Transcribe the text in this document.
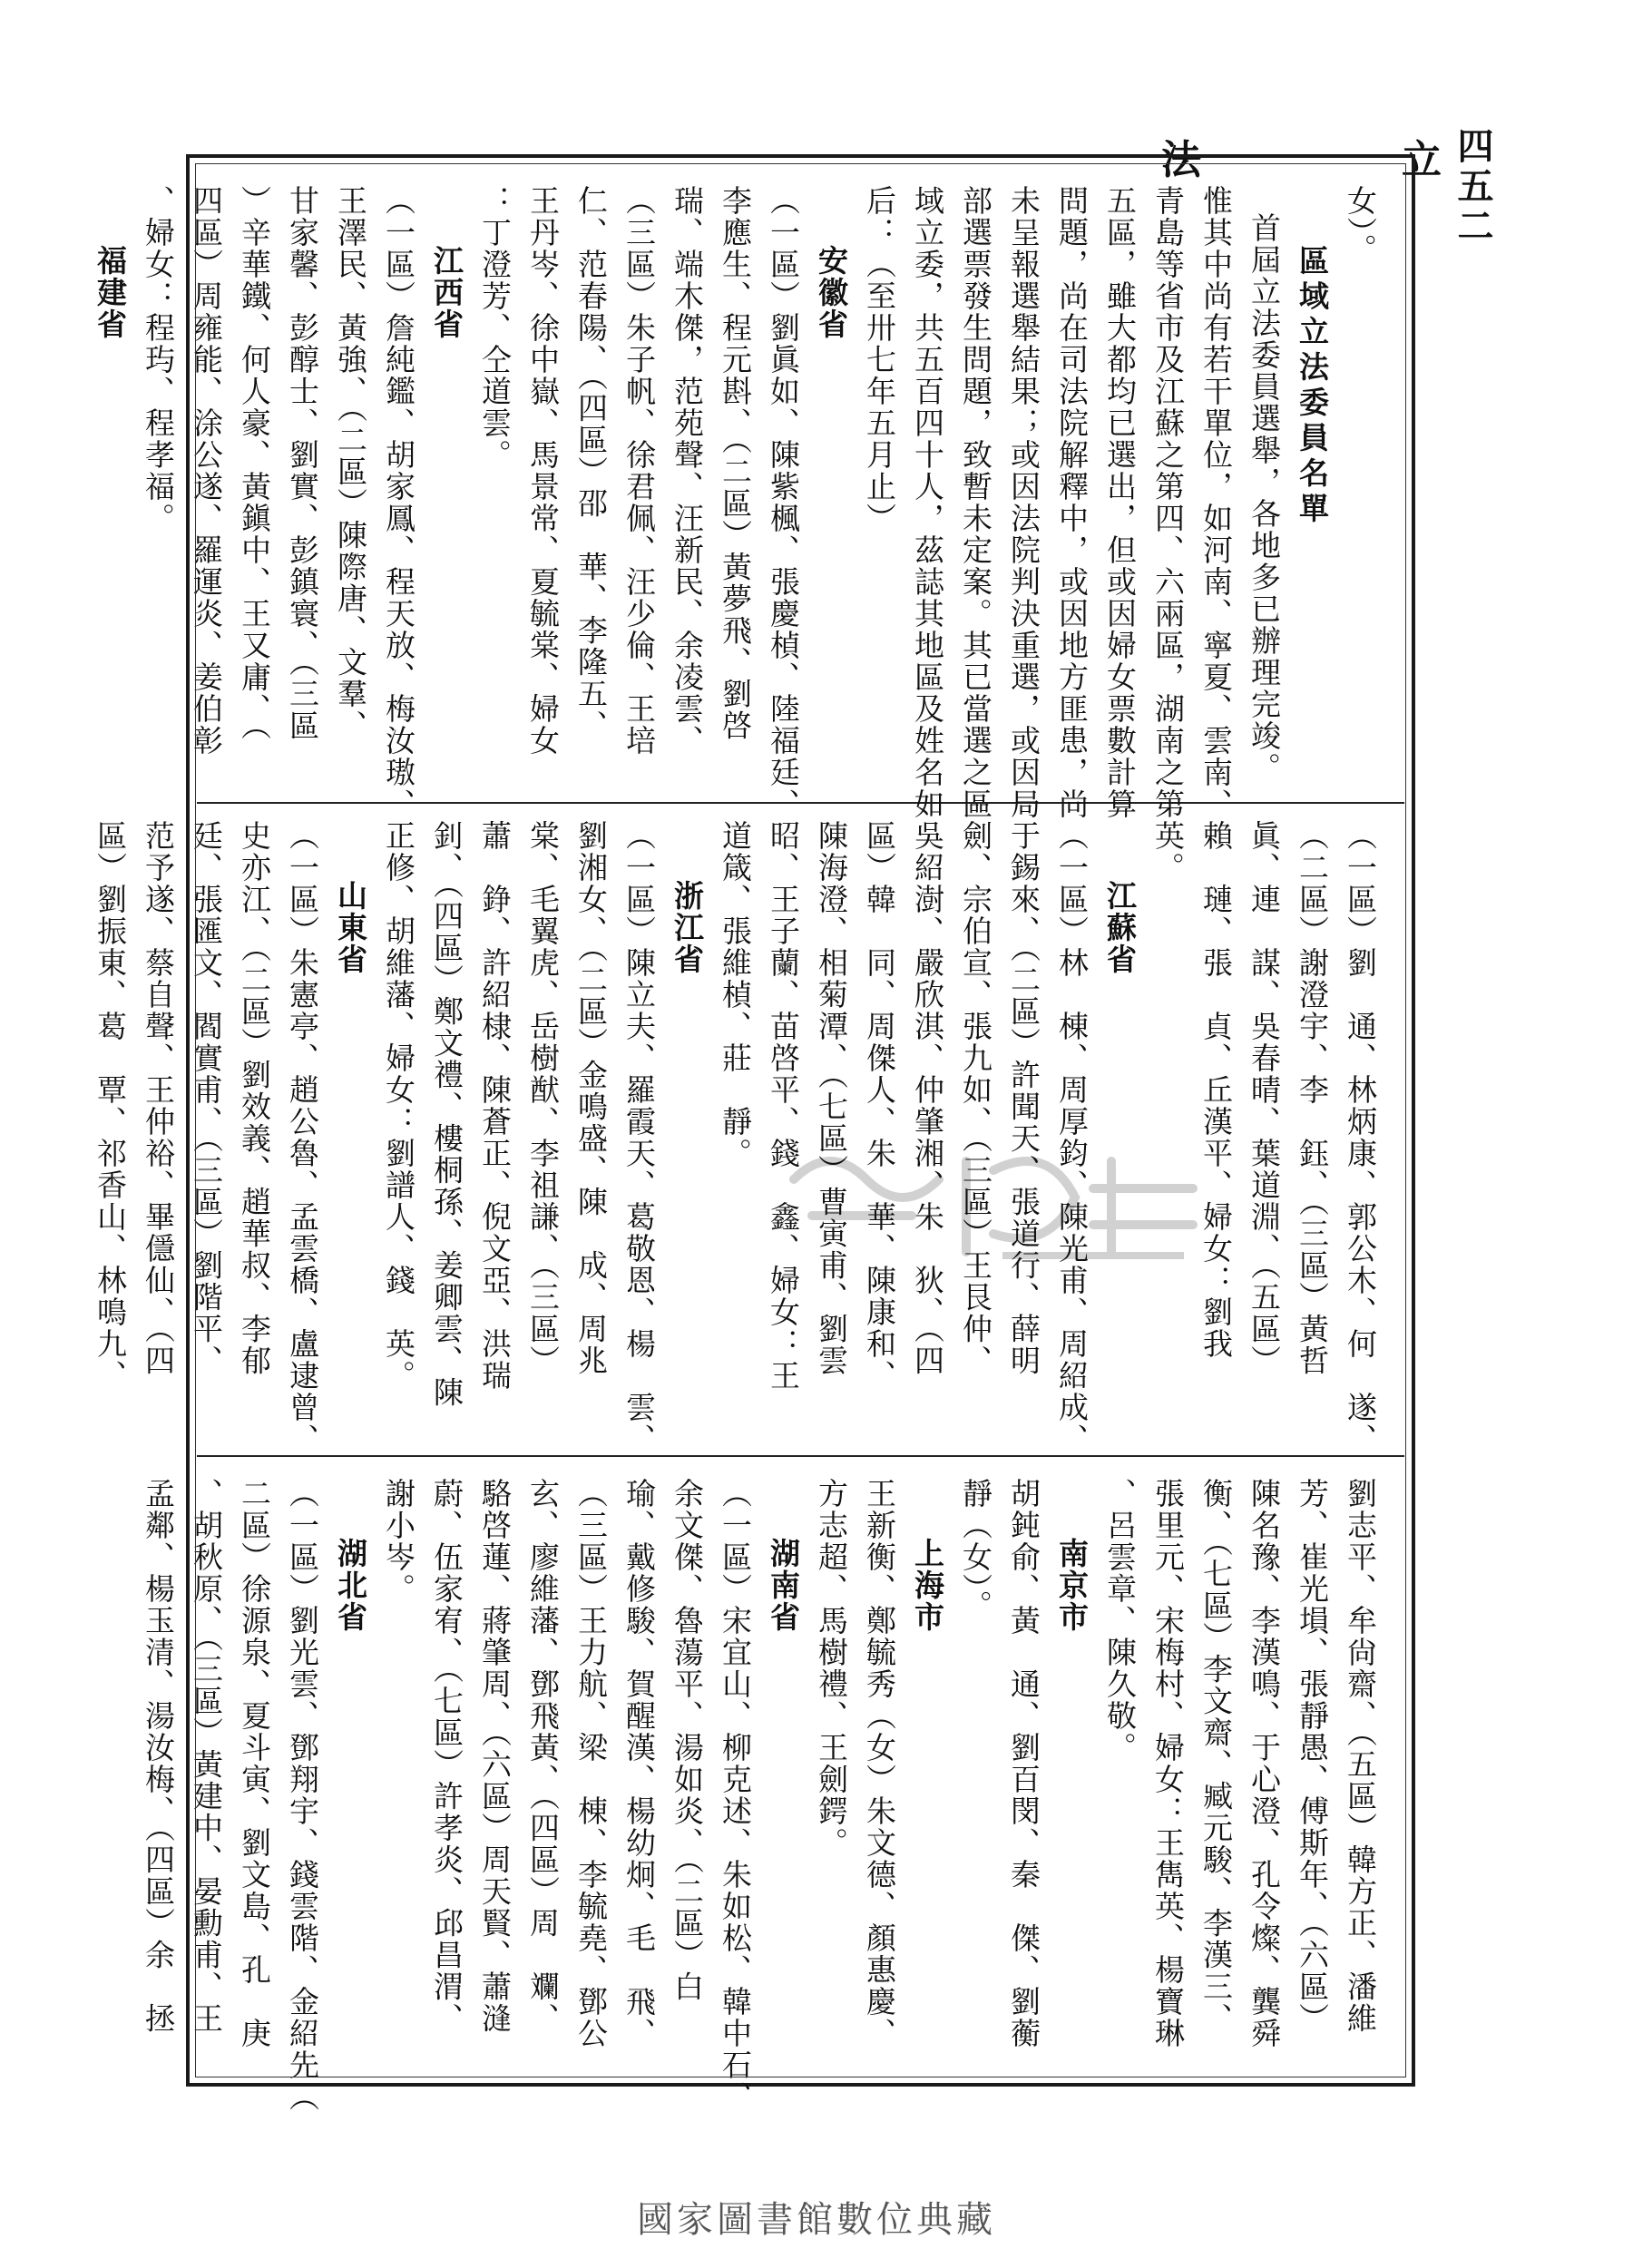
立
法	四五二
女）。
區域立法委員名單
首屆立法委員選舉，各地多已辦理完竣。
惟其中尚有若干單位，如河南、寧夏、雲南、
青島等省市及江蘇之第四、六兩區，湖南之第
五區，雖大都均已選出，但或因婦女票數計算
問題，尚在司法院解釋中，或因地方匪患，尚
未呈報選舉結果；或因法院判決重選，或因局
部選票發生問題，致暫未定案。其已當選之區
域立委，共五百四十人，茲誌其地區及姓名如
后：（至卅七年五月止）
安徽省
（一區）劉眞如、陳紫楓、張慶楨、陸福廷、
李應生、程元斟、（二區）黃夢飛、劉啓
瑞、端木傑，范苑聲、汪新民、余凌雲、
（三區）朱子帆、徐君佩、汪少倫、王培
仁、范春陽、（四區）邵　華、李隆五、
王丹岑、徐中嶽、馬景常、夏毓棠、婦女
：丁澄芳、仝道雲。
江西省
（一區）詹純鑑、胡家鳳、程天放、梅汝璈、
王澤民、黃強、（二區）陳際唐、文羣、
甘家馨、彭醇士、劉實、彭鎮寰、（三區
）辛華鐵、何人豪、黃鎭中、王又庸、（
四區）周雍能、涂公遂、羅運炎、姜伯彰
、婦女：程玙、程孝福。
福建省
（一區）劉　通、林炳康、郭公木、何　遂、
（二區）謝澄宇、李　鈺、（三區）黃哲
眞、連　謀、吳春晴、葉道淵、（五區）
賴　璉、張　貞、丘漢平、婦女：劉我
英。
江蘇省
（一區）林　棟、周厚鈞、陳光甫、周紹成、
于錫來、（二區）許聞天、張道行、薛明
劍、宗伯宣、張九如、（三區）王艮仲、
吳紹澍、嚴欣淇、仲肇湘、朱　狄、（四
區）韓　同、周傑人、朱　華、陳康和、
陳海澄、相菊潭、（七區）曹寅甫、劉雲
昭、王子蘭、苗啓平、錢　鑫、婦女：王
道箴、張維楨、莊　靜。
浙江省
（一區）陳立夫、羅霞天、葛敬恩、楊　雲、
劉湘女、（二區）金鳴盛、陳　成、周兆
棠、毛翼虎、岳樹猷、李祖謙、（三區）
蕭　錚、許紹棣、陳蒼正、倪文亞、洪瑞
釗、（四區）鄭文禮、樓桐孫、姜卿雲、陳
正修、胡維藩、婦女：劉譜人、錢　英。
山東省
（一區）朱憲亭、趙公魯、孟雲橋、盧逮曾、
史亦江、（二區）劉效義、趙華叔、李郁
廷、張匯文、閻實甫、（三區）劉階平、
范予遂、蔡自聲、王仲裕、畢㒚仙、（四
區）劉振東、葛　覃、祁香山、林鳴九、
劉志平、牟尙齋、（五區）韓方正、潘維
芳、崔光塤、張靜愚、傅斯年、（六區）
陳名豫、李漢鳴、于心澄、孔令燦、龔舜
衡、（七區）李文齋、臧元駿、李漢三、
張里元、宋梅村、婦女：王雋英、楊寶琳
、呂雲章、陳久敬。
南京市
胡鈍俞、黃　通、劉百閔、秦　傑、劉蘅
靜（女）。
上海市
王新衡、鄭毓秀（女）朱文德、顏惠慶、
方志超、馬樹禮、王劍鍔。
湖南省
（一區）宋宜山、柳克述、朱如松、韓中石、
余文傑、魯蕩平、湯如炎、（二區）白
瑜、戴修駿、賀醒漢、楊幼炯、毛　飛、
（三區）王力航、梁　棟、李毓堯、鄧公
玄、廖維藩、鄧飛黃、（四區）周　斕、
駱啓蓮、蔣肇周、（六區）周天賢、蕭漨
蔚、伍家宥、（七區）許孝炎、邱昌渭、
謝小岑。
湖北省
（一區）劉光雲、鄧翔宇、錢雲階、金紹先（
二區）徐源泉、夏斗寅、劉文島、孔　庚
、胡秋原、（三區）黃建中、晏勳甫、王
孟鄰、楊玉清、湯汝梅、（四區）余　拯
國家圖書館數位典藏
